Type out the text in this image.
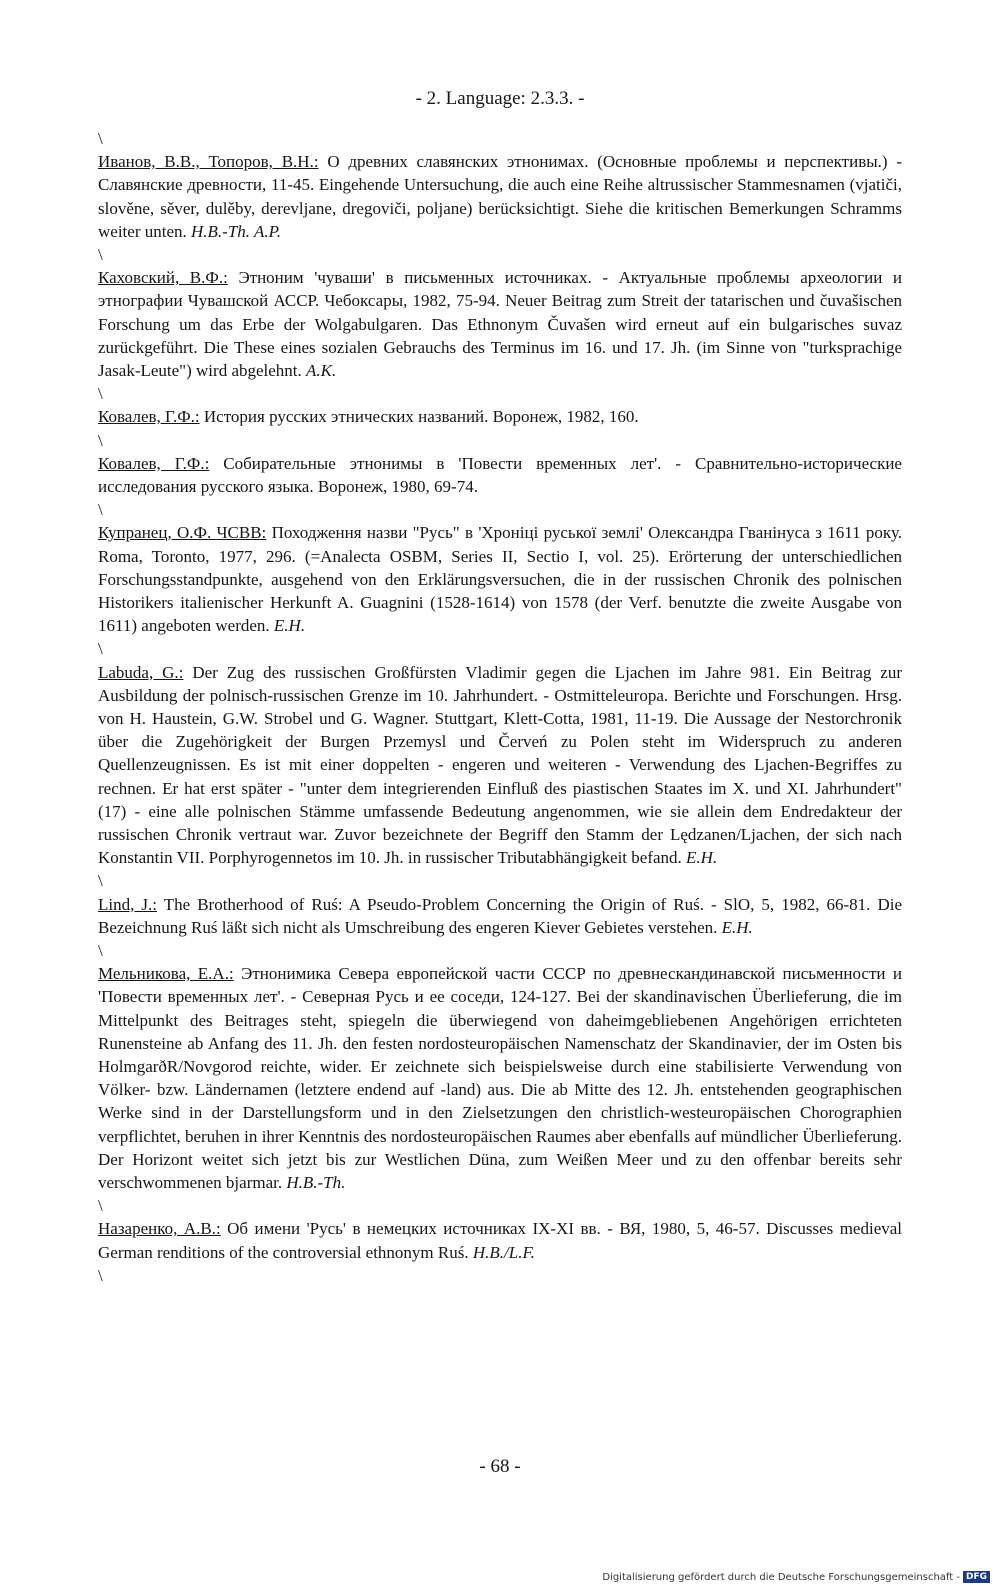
- 2. Language: 2.3.3. -
\

Иванов, В.В., Топоров, В.Н.: О древних славянских этнонимах. (Основные проблемы и перспективы.) - Славянские древности, 11-45. Eingehende Untersuchung, die auch eine Reihe altrussischer Stammesnamen (vjatiči, slověne, sěver, dulěby, derevljane, dregoviči, poljane) berücksichtigt. Siehe die kritischen Bemerkungen Schramms weiter unten. H.B.-Th. A.P.

\

Каховский, В.Ф.: Этноним 'чуваши' в письменных источниках. - Актуальные проблемы археологии и этнографии Чувашской АССР. Чебоксары, 1982, 75-94. Neuer Beitrag zum Streit der tatarischen und čuvašischen Forschung um das Erbe der Wolgabulgaren. Das Ethnonym Čuvašen wird erneut auf ein bulgarisches suvaz zurückgeführt. Die These eines sozialen Gebrauchs des Terminus im 16. und 17. Jh. (im Sinne von "turksprachige Jasak-Leute") wird abgelehnt. A.K.

\

Ковалев, Г.Ф.: История русских этнических названий. Воронеж, 1982, 160.

\

Ковалев, Г.Ф.: Собирательные этнонимы в 'Повести временных лет'. - Сравнительно-исторические исследования русского языка. Воронеж, 1980, 69-74.

\

Купранец, О.Ф. ЧСВВ: Походження назви "Русь" в 'Хроніці руської землі' Олександра Гванінуса з 1611 року. Roma, Toronto, 1977, 296. (=Analecta OSBM, Series II, Sectio I, vol. 25). Erörterung der unterschiedlichen Forschungsstandpunkte, ausgehend von den Erklärungsversuchen, die in der russischen Chronik des polnischen Historikers italienischer Herkunft A. Guagnini (1528-1614) von 1578 (der Verf. benutzte die zweite Ausgabe von 1611) angeboten werden. E.H.

\

Labuda, G.: Der Zug des russischen Großfürsten Vladimir gegen die Ljachen im Jahre 981. Ein Beitrag zur Ausbildung der polnisch-russischen Grenze im 10. Jahrhundert. - Ostmitteleuropa. Berichte und Forschungen. Hrsg. von H. Haustein, G.W. Strobel und G. Wagner. Stuttgart, Klett-Cotta, 1981, 11-19. Die Aussage der Nestorchronik über die Zugehörigkeit der Burgen Przemysl und Červeń zu Polen steht im Widerspruch zu anderen Quellenzeugnissen. Es ist mit einer doppelten - engeren und weiteren - Verwendung des Ljachen-Begriffes zu rechnen. Er hat erst später - "unter dem integrierenden Einfluß des piastischen Staates im X. und XI. Jahrhundert" (17) - eine alle polnischen Stämme umfassende Bedeutung angenommen, wie sie allein dem Endredakteur der russischen Chronik vertraut war. Zuvor bezeichnete der Begriff den Stamm der Lędzanen/Ljachen, der sich nach Konstantin VII. Porphyrogennetos im 10. Jh. in russischer Tributabhängigkeit befand. E.H.

\

Lind, J.: The Brotherhood of Ruś: A Pseudo-Problem Concerning the Origin of Ruś. - SlO, 5, 1982, 66-81. Die Bezeichnung Ruś läßt sich nicht als Umschreibung des engeren Kiever Gebietes verstehen. E.H.

\

Мельникова, Е.А.: Этнонимика Севера европейской части СССР по древнескандинавской письменности и 'Повести временных лет'. - Северная Русь и ее соседи, 124-127. Bei der skandinavischen Überlieferung, die im Mittelpunkt des Beitrages steht, spiegeln die überwiegend von daheimgebliebenen Angehörigen errichteten Runensteine ab Anfang des 11. Jh. den festen nordosteuropäischen Namenschatz der Skandinavier, der im Osten bis HolmgarðR/Novgorod reichte, wider. Er zeichnete sich beispielsweise durch eine stabilisierte Verwendung von Völker- bzw. Ländernamen (letztere endend auf -land) aus. Die ab Mitte des 12. Jh. entstehenden geographischen Werke sind in der Darstellungsform und in den Zielsetzungen den christlich-westeuropäischen Chorographien verpflichtet, beruhen in ihrer Kenntnis des nordosteuropäischen Raumes aber ebenfalls auf mündlicher Überlieferung. Der Horizont weitet sich jetzt bis zur Westlichen Düna, zum Weißen Meer und zu den offenbar bereits sehr verschwommenen bjarmar. H.B.-Th.

\

Назаренко, А.В.: Об имени 'Русь' в немецких источниках IX-XI вв. - ВЯ, 1980, 5, 46-57. Discusses medieval German renditions of the controversial ethnonym Ruś. H.B./L.F.

\
- 68 -
Digitalisierung gefördert durch die Deutsche Forschungsgemeinschaft - DFG
